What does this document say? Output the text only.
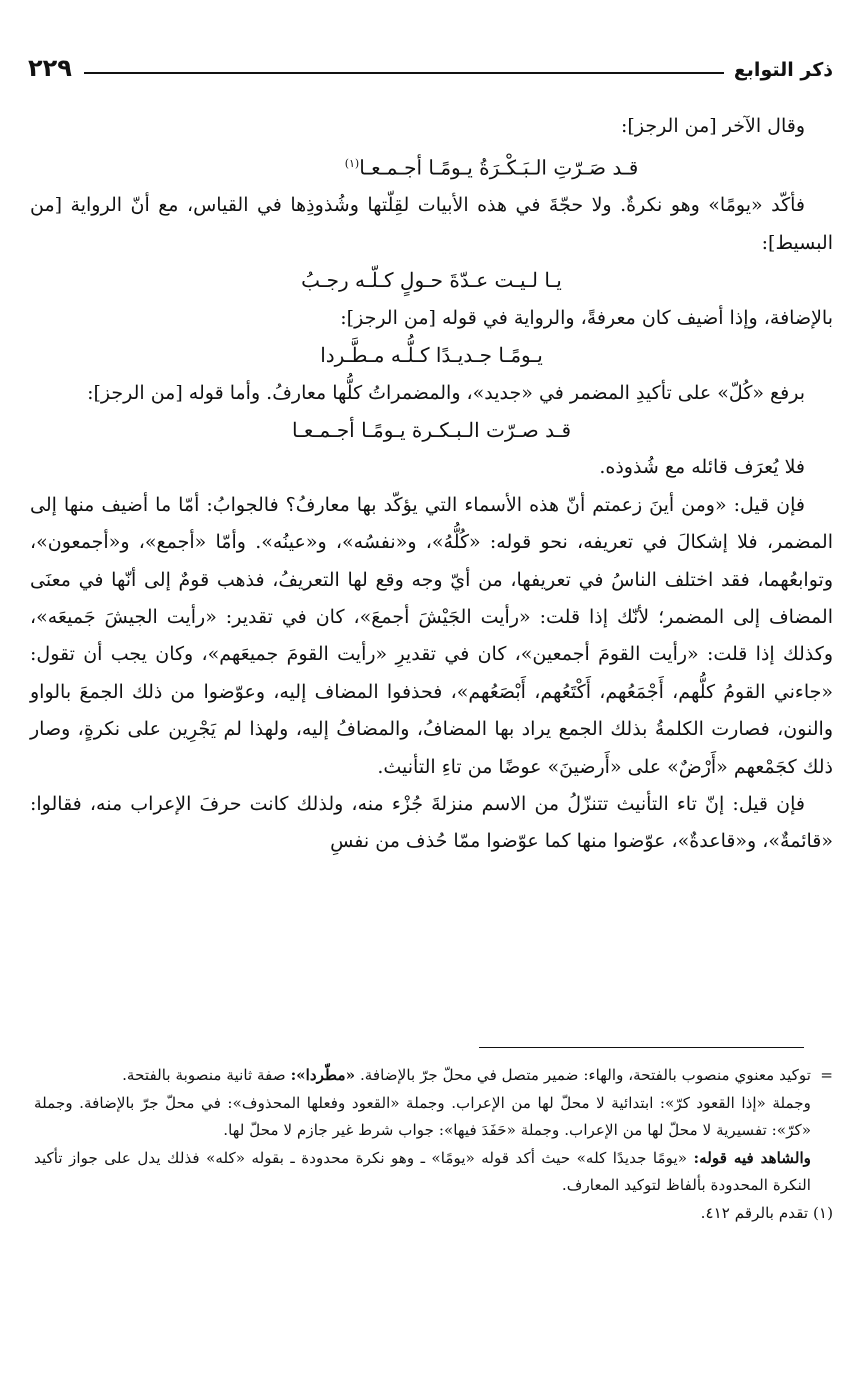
ذكر التوابع
٢٢٩

وقال الآخر [من الرجز]:

قـد صَـرّتِ الـبَـكْـرَةُ يـومًـا أجـمـعـا$^{(١)}$

فأكّد «يومًا» وهو نكرةٌ. ولا حجّةَ في هذه الأبيات لقِلّتها وشُذوذِها في القياس، مع أنّ الرواية [من البسيط]:

يـا لـيـت عـدّةَ حـولٍ كـلّـه رجـبُ

بالإضافة، وإذا أضيف كان معرفةً، والرواية في قوله [من الرجز]:

يـومًـا جـديـدًا كـلُّـه مـطَّـردا

برفع «كُلّ» على تأكيدِ المضمر في «جديد»، والمضمراتُ كلُّها معارفُ. وأما قوله [من الرجز]:

قـد صـرّت الـبـكـرة يـومًـا أجـمـعـا

فلا يُعرَف قائله مع شُذوذه.

فإن قيل: «ومن أينَ زعمتم أنّ هذه الأسماء التي يؤكّد بها معارفُ؟ فالجوابُ: أمّا ما أضيف منها إلى المضمر، فلا إشكالَ في تعريفه، نحو قوله: «كُلُّهُ»، و«نفسُه»، و«عينُه». وأمّا «أجمع»، و«أجمعون»، وتوابعُهما، فقد اختلف الناسُ في تعريفها، من أيّ وجه وقع لها التعريفُ، فذهب قومٌ إلى أنّها في معنَى المضاف إلى المضمر؛ لأنّك إذا قلت: «رأيت الجَيْشَ أجمعَ»، كان في تقدير: «رأيت الجيشَ جَميعَه»، وكذلك إذا قلت: «رأيت القومَ أجمعين»، كان في تقديرِ «رأيت القومَ جميعَهم»، وكان يجب أن تقول: «جاءني القومُ كلُّهم، أَجْمَعُهم، أَكْتَعُهم، أَبْصَعُهم»، فحذفوا المضاف إليه، وعوّضوا من ذلك الجمعَ بالواو والنون، فصارت الكلمةُ بذلك الجمع يراد بها المضافُ، والمضافُ إليه، ولهذا لم يَجْرِين على نكرةٍ، وصار ذلك كجَمْعهم «أَرْضٌ» على «أَرضينَ» عوضًا من تاءِ التأنيث.

فإن قيل: إنّ تاء التأنيث تتنزّلُ من الاسم منزلةَ جُزْء منه، ولذلك كانت حرفَ الإعراب منه، فقالوا: «قائمةٌ»، و«قاعدةٌ»، عوّضوا منها كما عوّضوا ممّا حُذف من نفسِ

=توكيد معنوي منصوب بالفتحة، والهاء: ضمير متصل في محلّ جرّ بالإضافة. «مطّردا»: صفة ثانية منصوبة بالفتحة.

وجملة «إذا القعود كرّ»: ابتدائية لا محلّ لها من الإعراب. وجملة «القعود وفعلها المحذوف»: في محلّ جرّ بالإضافة. وجملة «كرّ»: تفسيرية لا محلّ لها من الإعراب. وجملة «حَفَدَ فيها»: جواب شرط غير جازم لا محلّ لها.

والشاهد فيه قوله: «يومًا جديدًا كله» حيث أكد قوله «يومًا» ـ وهو نكرة محدودة ـ بقوله «كله» فذلك يدل على جواز تأكيد النكرة المحدودة بألفاظ لتوكيد المعارف.

(١) تقدم بالرقم ٤١٢.
